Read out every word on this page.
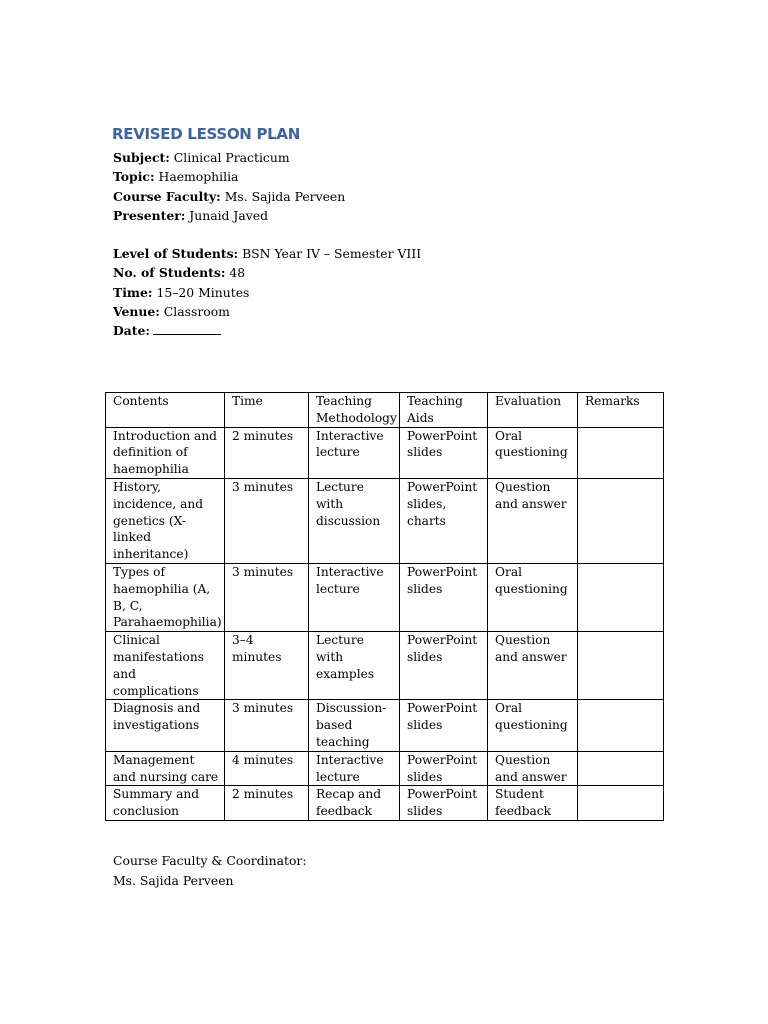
REVISED LESSON PLAN
Subject: Clinical Practicum
Topic: Haemophilia
Course Faculty: Ms. Sajida Perveen
Presenter: Junaid Javed
Level of Students: BSN Year IV – Semester VIII
No. of Students: 48
Time: 15–20 Minutes
Venue: Classroom
Date:
Contents	Time	Teaching Methodology	Teaching Aids	Evaluation	Remarks
Introduction and definition of haemophilia	2 minutes	Interactive lecture	PowerPoint slides	Oral questioning	
History, incidence, and genetics (X-linked inheritance)	3 minutes	Lecture with discussion	PowerPoint slides, charts	Question and answer	
Types of haemophilia (A, B, C, Parahaemophilia)	3 minutes	Interactive lecture	PowerPoint slides	Oral questioning	
Clinical manifestations and complications	3–4 minutes	Lecture with examples	PowerPoint slides	Question and answer	
Diagnosis and investigations	3 minutes	Discussion-based teaching	PowerPoint slides	Oral questioning	
Management and nursing care	4 minutes	Interactive lecture	PowerPoint slides	Question and answer	
Summary and conclusion	2 minutes	Recap and feedback	PowerPoint slides	Student feedback	
Course Faculty & Coordinator:
Ms. Sajida Perveen
